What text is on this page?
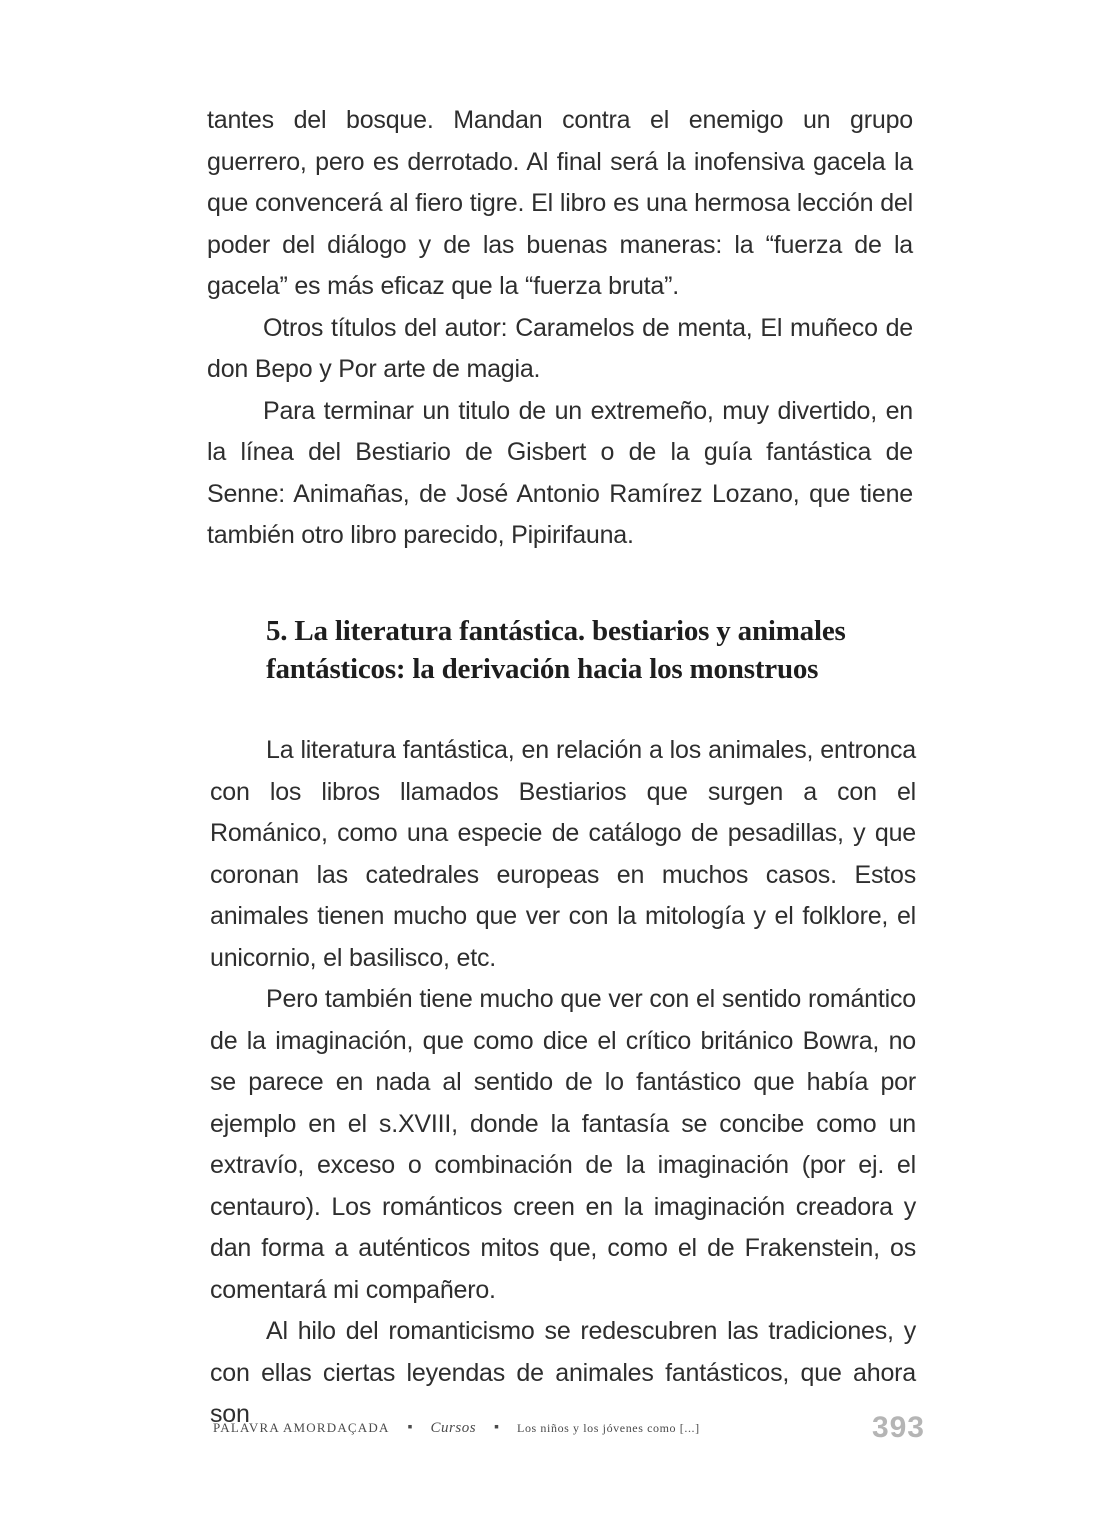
tantes del bosque. Mandan contra el enemigo un grupo guerrero, pero es derrotado. Al final será la inofensiva gacela la que convencerá al fiero tigre. El libro es una hermosa lección del poder del diálogo y de las buenas maneras: la “fuerza de la gacela” es más eficaz que la “fuerza bruta”.

Otros títulos del autor: Caramelos de menta, El muñeco de don Bepo y Por arte de magia.

Para terminar un titulo de un extremeño, muy divertido, en la línea del Bestiario de Gisbert o de la guía fantástica de Senne: Animañas, de José Antonio Ramírez Lozano, que tiene también otro libro parecido, Pipirifauna.

5. La literatura fantástica. bestiarios y animales fantásticos: la derivación hacia los monstruos

La literatura fantástica, en relación a los animales, entronca con los libros llamados Bestiarios que surgen a con el Románico, como una especie de catálogo de pesadillas, y que coronan las catedrales europeas en muchos casos. Estos animales tienen mucho que ver con la mitología y el folklore, el unicornio, el basilisco, etc.

Pero también tiene mucho que ver con el sentido romántico de la imaginación, que como dice el crítico británico Bowra, no se parece en nada al sentido de lo fantástico que había por ejemplo en el s.XVIII, donde la fantasía se concibe como un extravío, exceso o combinación de la imaginación (por ej. el centauro). Los románticos creen en la imaginación creadora y dan forma a auténticos mitos que, como el de Frakenstein, os comentará mi compañero.

Al hilo del romanticismo se redescubren las tradiciones, y con ellas ciertas leyendas de animales fantásticos, que ahora son

PALAVRA AMORDAÇADA ▪ Cursos ▪ Los niños y los jóvenes como [...]	393
